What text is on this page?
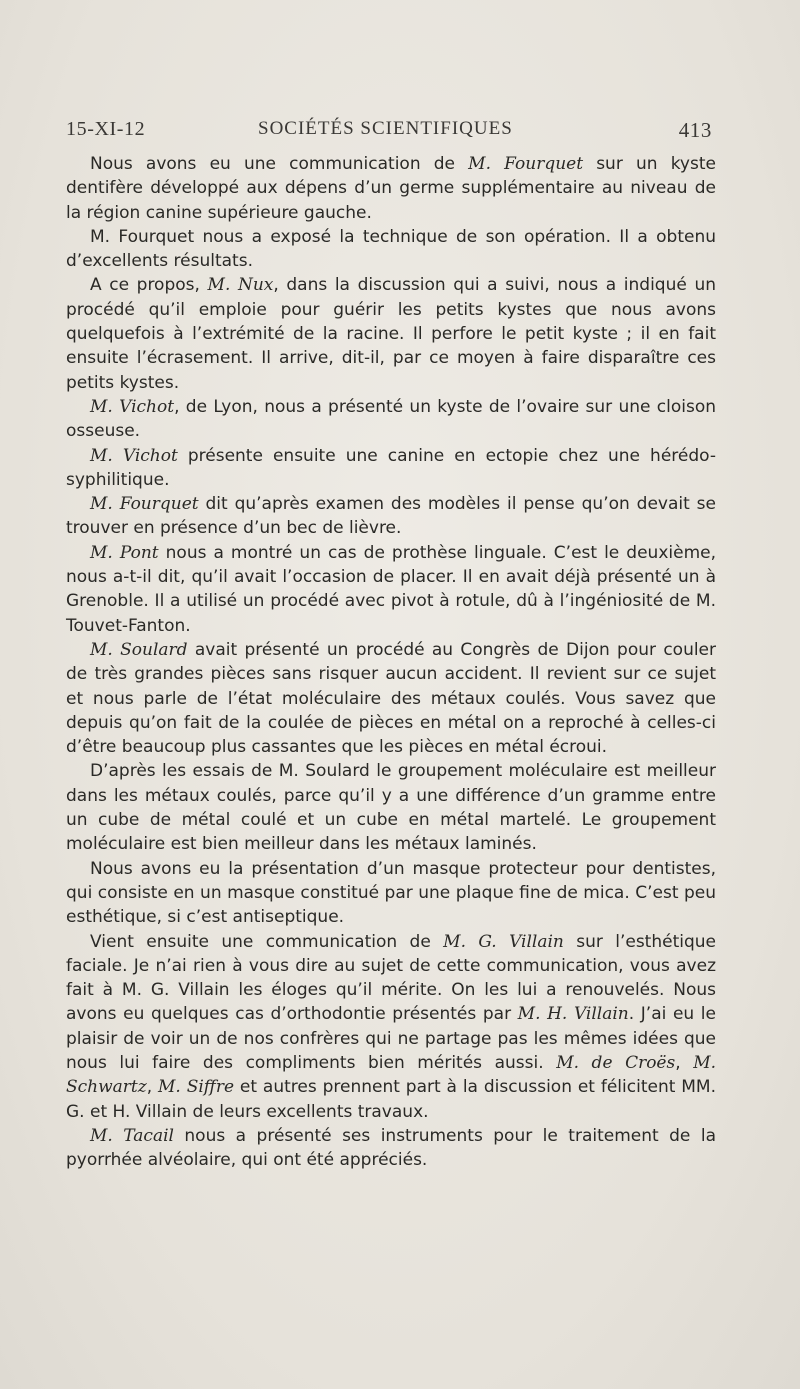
15-XI-12	SOCIÉTÉS SCIENTIFIQUES	413

Nous avons eu une communication de M. Fourquet sur un kyste dentifère développé aux dépens d’un germe supplémentaire au niveau de la région canine supérieure gauche.

M. Fourquet nous a exposé la technique de son opération. Il a obtenu d’excellents résultats.

A ce propos, M. Nux, dans la discussion qui a suivi, nous a indiqué un procédé qu’il emploie pour guérir les petits kystes que nous avons quelquefois à l’extrémité de la racine. Il perfore le petit kyste ; il en fait ensuite l’écrasement. Il arrive, dit-il, par ce moyen à faire disparaître ces petits kystes.

M. Vichot, de Lyon, nous a présenté un kyste de l’ovaire sur une cloison osseuse.

M. Vichot présente ensuite une canine en ectopie chez une hérédo-syphilitique.

M. Fourquet dit qu’après examen des modèles il pense qu’on devait se trouver en présence d’un bec de lièvre.

M. Pont nous a montré un cas de prothèse linguale. C’est le deuxième, nous a-t-il dit, qu’il avait l’occasion de placer. Il en avait déjà présenté un à Grenoble. Il a utilisé un procédé avec pivot à rotule, dû à l’ingéniosité de M. Touvet-Fanton.

M. Soulard avait présenté un procédé au Congrès de Dijon pour couler de très grandes pièces sans risquer aucun accident. Il revient sur ce sujet et nous parle de l’état moléculaire des métaux coulés. Vous savez que depuis qu’on fait de la coulée de pièces en métal on a reproché à celles-ci d’être beaucoup plus cassantes que les pièces en métal écroui.

D’après les essais de M. Soulard le groupement moléculaire est meilleur dans les métaux coulés, parce qu’il y a une différence d’un gramme entre un cube de métal coulé et un cube en métal martelé. Le groupement moléculaire est bien meilleur dans les métaux laminés.

Nous avons eu la présentation d’un masque protecteur pour dentistes, qui consiste en un masque constitué par une plaque fine de mica. C’est peu esthétique, si c’est antiseptique.

Vient ensuite une communication de M. G. Villain sur l’esthétique faciale. Je n’ai rien à vous dire au sujet de cette communication, vous avez fait à M. G. Villain les éloges qu’il mérite. On les lui a renouvelés. Nous avons eu quelques cas d’orthodontie présentés par M. H. Villain. J’ai eu le plaisir de voir un de nos confrères qui ne partage pas les mêmes idées que nous lui faire des compliments bien mérités aussi. M. de Croës, M. Schwartz, M. Siffre et autres prennent part à la discussion et félicitent MM. G. et H. Villain de leurs excellents travaux.

M. Tacail nous a présenté ses instruments pour le traitement de la pyorrhée alvéolaire, qui ont été appréciés.
